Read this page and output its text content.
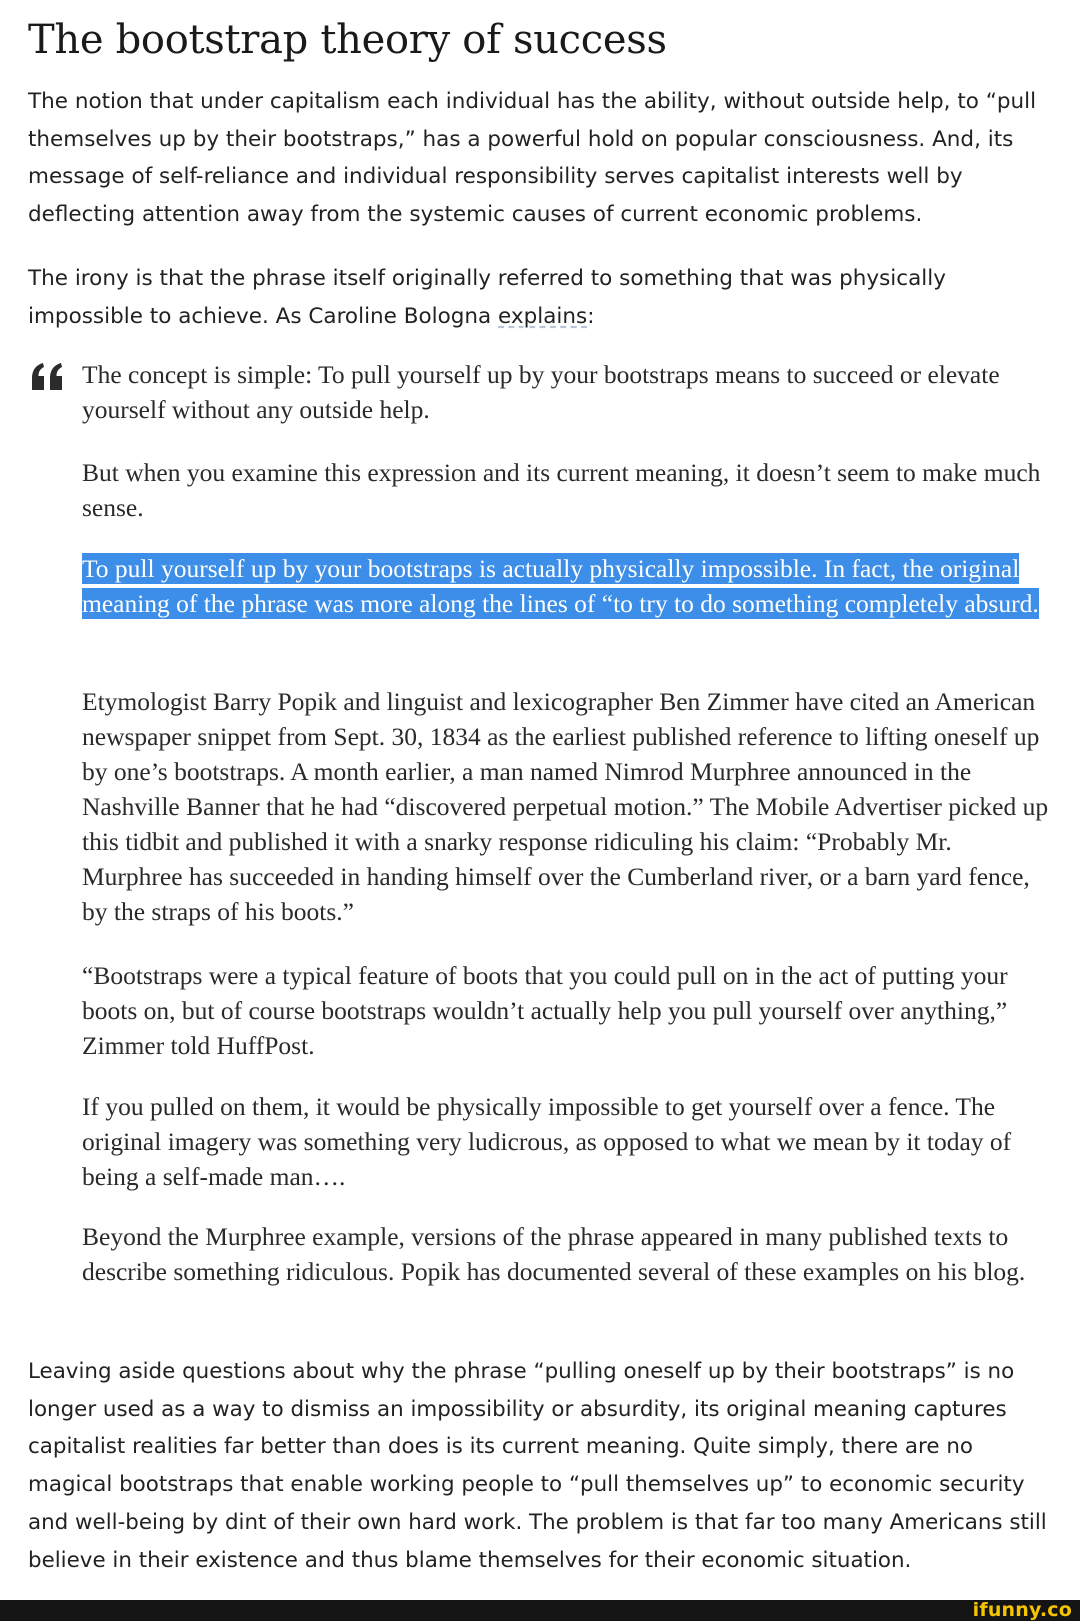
The bootstrap theory of success

The notion that under capitalism each individual has the ability, without outside help, to “pull themselves up by their bootstraps,” has a powerful hold on popular consciousness. And, its message of self-reliance and individual responsibility serves capitalist interests well by deflecting attention away from the systemic causes of current economic problems.

The irony is that the phrase itself originally referred to something that was physically impossible to achieve. As Caroline Bologna explains:

The concept is simple: To pull yourself up by your bootstraps means to succeed or elevate yourself without any outside help.

But when you examine this expression and its current meaning, it doesn’t seem to make much sense.

To pull yourself up by your bootstraps is actually physically impossible. In fact, the original meaning of the phrase was more along the lines of “to try to do something completely absurd.

Etymologist Barry Popik and linguist and lexicographer Ben Zimmer have cited an American newspaper snippet from Sept. 30, 1834 as the earliest published reference to lifting oneself up by one’s bootstraps. A month earlier, a man named Nimrod Murphree announced in the Nashville Banner that he had “discovered perpetual motion.” The Mobile Advertiser picked up this tidbit and published it with a snarky response ridiculing his claim: “Probably Mr. Murphree has succeeded in handing himself over the Cumberland river, or a barn yard fence, by the straps of his boots.”

“Bootstraps were a typical feature of boots that you could pull on in the act of putting your boots on, but of course bootstraps wouldn’t actually help you pull yourself over anything,” Zimmer told HuffPost.

If you pulled on them, it would be physically impossible to get yourself over a fence. The original imagery was something very ludicrous, as opposed to what we mean by it today of being a self-made man….

Beyond the Murphree example, versions of the phrase appeared in many published texts to describe something ridiculous. Popik has documented several of these examples on his blog.

Leaving aside questions about why the phrase “pulling oneself up by their bootstraps” is no longer used as a way to dismiss an impossibility or absurdity, its original meaning captures capitalist realities far better than does is its current meaning. Quite simply, there are no magical bootstraps that enable working people to “pull themselves up” to economic security and well-being by dint of their own hard work. The problem is that far too many Americans still believe in their existence and thus blame themselves for their economic situation.

ifunny.co
